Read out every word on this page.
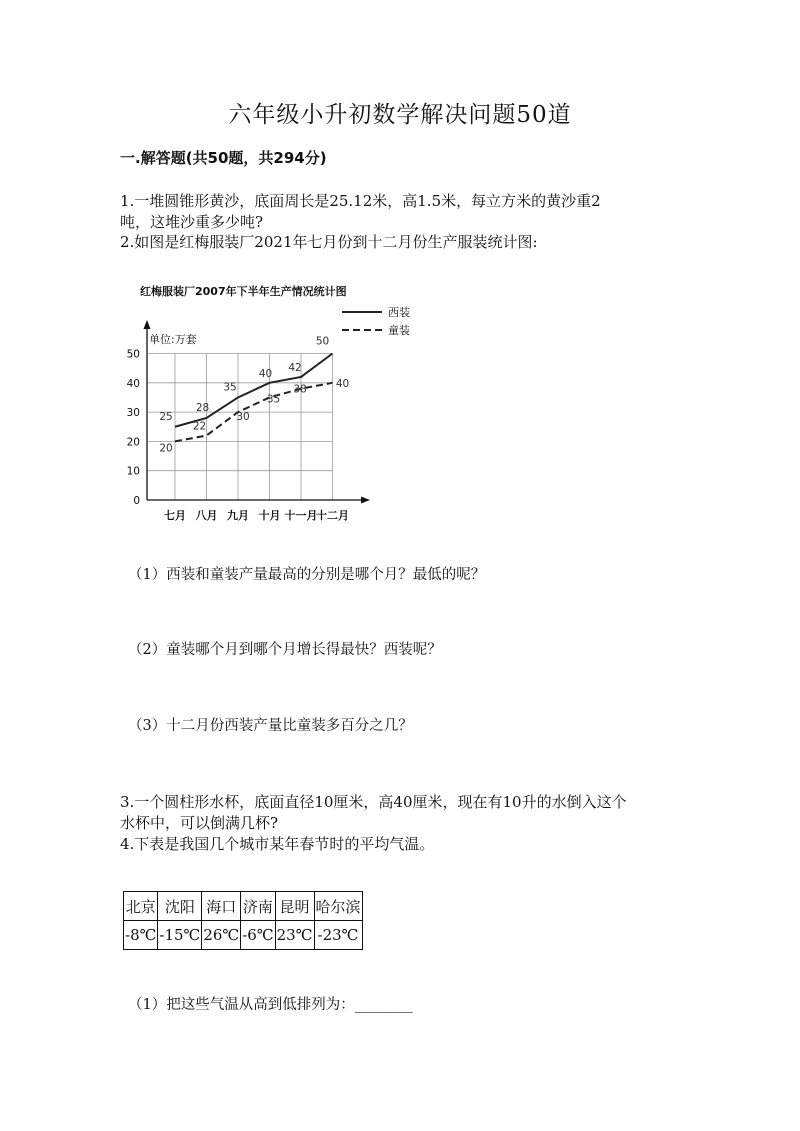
六年级小升初数学解决问题50道
一.解答题(共50题，共294分)
1.一堆圆锥形黄沙，底面周长是25.12米，高1.5米，每立方米的黄沙重2
吨，这堆沙重多少吨?
2.如图是红梅服装厂2021年七月份到十二月份生产服装统计图:
红梅服装厂2007年下半年生产情况统计图
单位:万套
0
10
20
30
40
50
七月 八月 九月 十月 十一月
十二月
25
28
35
40 42
50
20
22
30
35
38	40
西装
童装
（1）西装和童装产量最高的分别是哪个月？最低的呢？
（2）童装哪个月到哪个月增长得最快？西装呢？
（3）十二月份西装产量比童装多百分之几？
3.一个圆柱形水杯，底面直径10厘米，高40厘米，现在有10升的水倒入这个
水杯中，可以倒满几杯?
4.下表是我国几个城市某年春节时的平均气温。
北京	沈阳	海口	济南	昆明	哈尔滨
-8℃	-15℃	26℃	-6℃	23℃	-23℃
（1）把这些气温从高到低排列为：________
